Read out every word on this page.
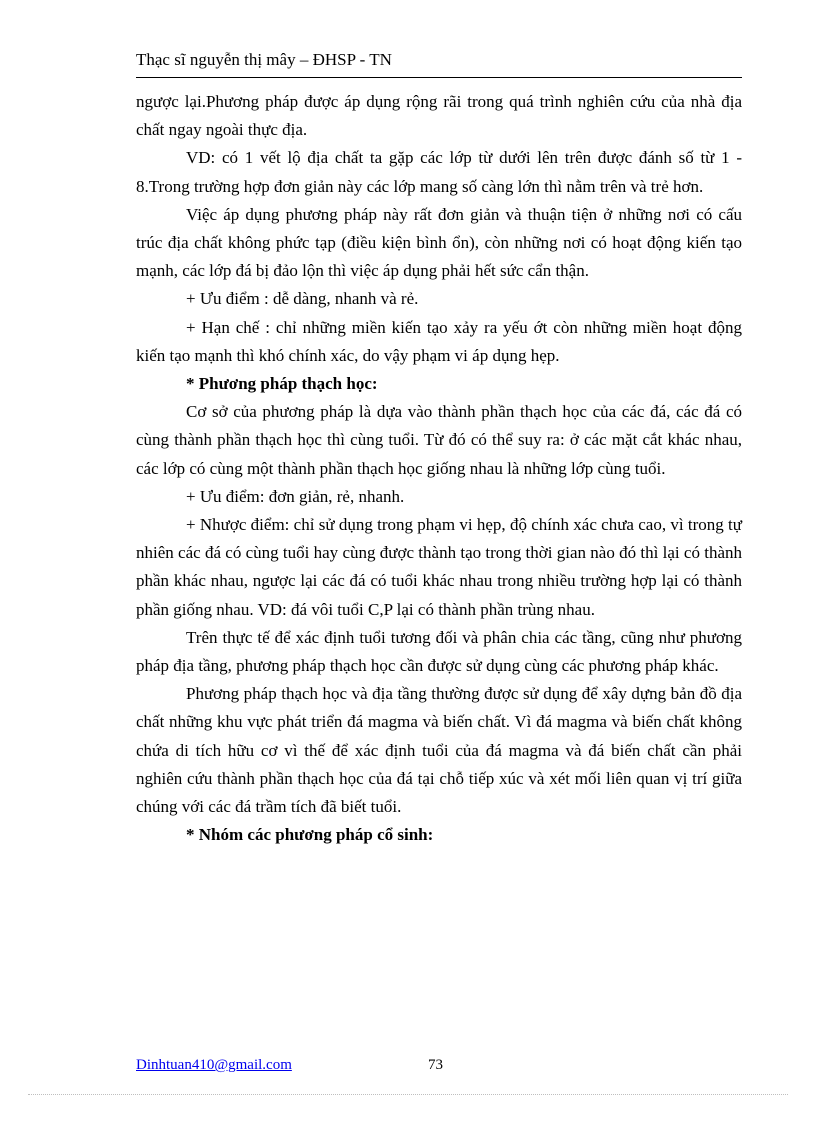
Thạc sĩ nguyễn thị mây – ĐHSP - TN

ngược lại.Phương pháp được áp dụng rộng rãi trong quá trình nghiên cứu của nhà địa chất ngay ngoài thực địa.

VD: có 1 vết lộ địa chất ta gặp các lớp từ dưới lên trên được đánh số từ 1 - 8.Trong trường hợp đơn giản này các lớp mang số càng lớn thì nằm trên và trẻ hơn.

Việc áp dụng phương pháp này rất đơn giản và thuận tiện ở những nơi có cấu trúc địa chất không phức tạp (điều kiện bình ổn), còn những nơi có hoạt động kiến tạo mạnh, các lớp đá bị đảo lộn thì việc áp dụng phải hết sức cẩn thận.

+ Ưu điểm : dễ dàng, nhanh và rẻ.

+ Hạn chế : chỉ những miền kiến tạo xảy ra yếu ớt còn những miền hoạt động kiến tạo mạnh thì khó chính xác, do vậy phạm vi áp dụng hẹp.

* Phương pháp thạch học:

Cơ sở của phương pháp là dựa vào thành phần thạch học của các đá, các đá có cùng thành phần thạch học thì cùng tuổi. Từ đó có thể suy ra: ở các mặt cắt khác nhau, các lớp có cùng một thành phần thạch học giống nhau là những lớp cùng tuổi.

+ Ưu điểm: đơn giản, rẻ, nhanh.

+ Nhược điểm: chỉ sử dụng trong phạm vi hẹp, độ chính xác chưa cao, vì trong tự nhiên các đá có cùng tuổi hay cùng được thành tạo trong thời gian nào đó thì lại có thành phần khác nhau, ngược lại các đá có tuổi khác nhau trong nhiều trường hợp lại có thành phần giống nhau. VD: đá vôi tuổi C,P lại có thành phần trùng nhau.

Trên thực tế để xác định tuổi tương đối và phân chia các tầng, cũng như phương pháp địa tầng, phương pháp thạch học cần được sử dụng cùng các phương pháp khác.

Phương pháp thạch học và địa tầng thường được sử dụng để xây dựng bản đồ địa chất những khu vực phát triển đá magma và biến chất. Vì đá magma và biến chất không chứa di tích hữu cơ vì thế để xác định tuổi của đá magma và đá biến chất cần phải nghiên cứu thành phần thạch học của đá tại chỗ tiếp xúc và xét mối liên quan vị trí giữa chúng với các đá trầm tích đã biết tuổi.

* Nhóm các phương pháp cổ sinh:

Dinhtuan410@gmail.com	73
